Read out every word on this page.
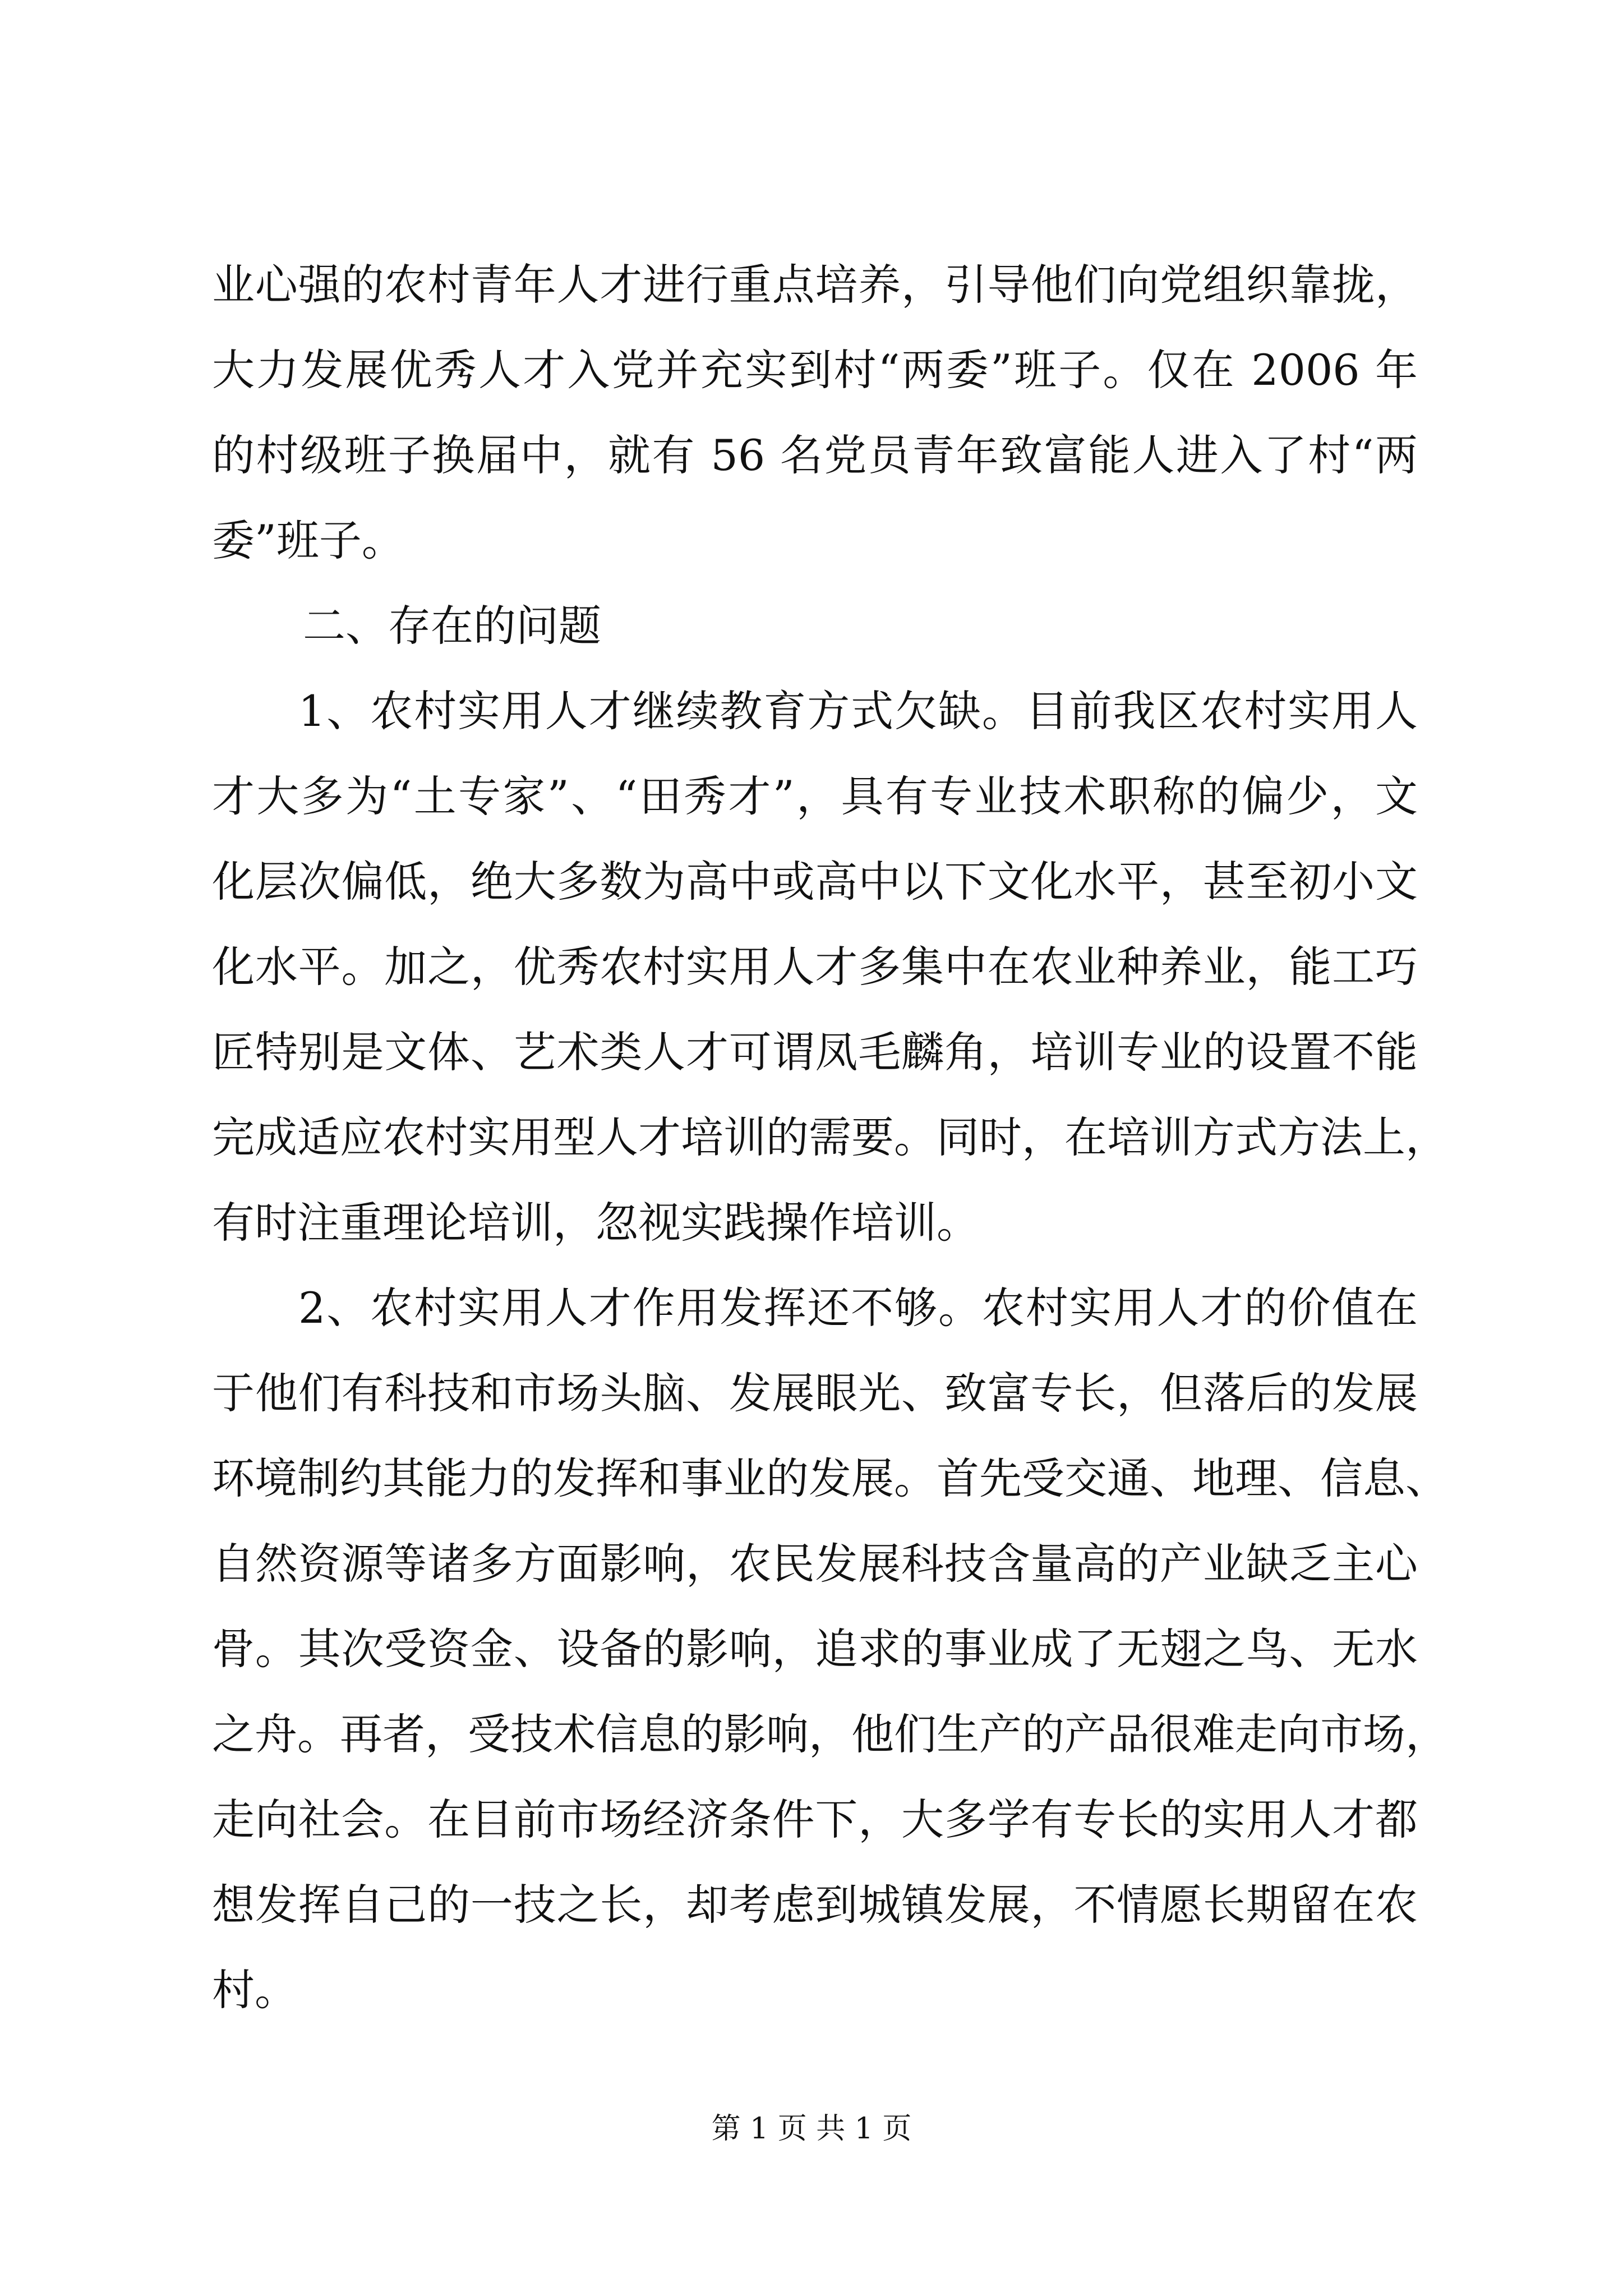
业心强的农村青年人才进行重点培养，引导他们向党组织靠拢，

大力发展优秀人才入党并充实到村“两委”班子。仅在 2006 年

的村级班子换届中，就有 56 名党员青年致富能人进入了村“两

委”班子。

二、存在的问题

1、农村实用人才继续教育方式欠缺。目前我区农村实用人

才大多为“土专家”、“田秀才”，具有专业技术职称的偏少，文

化层次偏低，绝大多数为高中或高中以下文化水平，甚至初小文

化水平。加之，优秀农村实用人才多集中在农业种养业，能工巧

匠特别是文体、艺术类人才可谓凤毛麟角，培训专业的设置不能

完成适应农村实用型人才培训的需要。同时，在培训方式方法上，

有时注重理论培训，忽视实践操作培训。

2、农村实用人才作用发挥还不够。农村实用人才的价值在

于他们有科技和市场头脑、发展眼光、致富专长，但落后的发展

环境制约其能力的发挥和事业的发展。首先受交通、地理、信息、

自然资源等诸多方面影响，农民发展科技含量高的产业缺乏主心

骨。其次受资金、设备的影响，追求的事业成了无翅之鸟、无水

之舟。再者，受技术信息的影响，他们生产的产品很难走向市场，

走向社会。在目前市场经济条件下，大多学有专长的实用人才都

想发挥自己的一技之长，却考虑到城镇发展，不情愿长期留在农

村。

第 1 页 共 1 页
